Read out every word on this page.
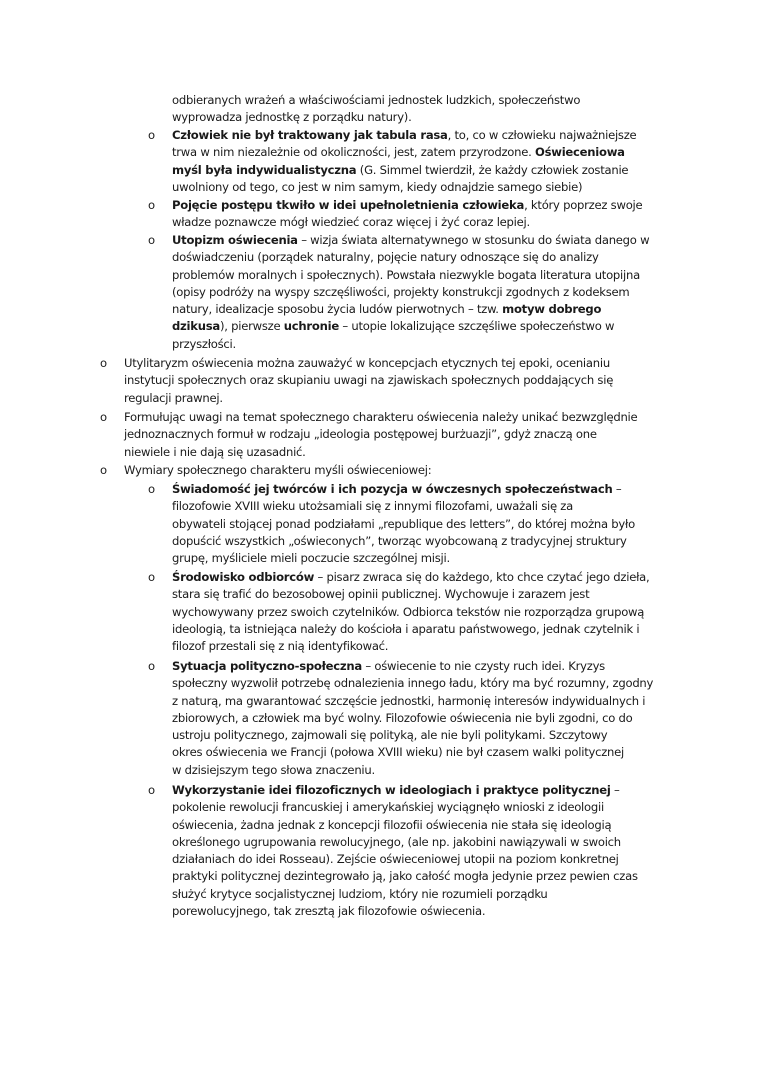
odbieranych wrażeń a właściwościami jednostek ludzkich, społeczeństwo

wyprowadza jednostkę z porządku natury).

o	Człowiek nie był traktowany jak tabula rasa, to, co w człowieku najważniejsze

trwa w nim niezależnie od okoliczności, jest, zatem przyrodzone. Oświeceniowa

myśl była indywidualistyczna (G. Simmel twierdził, że każdy człowiek zostanie

uwolniony od tego, co jest w nim samym, kiedy odnajdzie samego siebie)

o	Pojęcie postępu tkwiło w idei upełnoletnienia człowieka, który poprzez swoje

władze poznawcze mógł wiedzieć coraz więcej i żyć coraz lepiej.

o	Utopizm oświecenia – wizja świata alternatywnego w stosunku do świata danego w

doświadczeniu (porządek naturalny, pojęcie natury odnoszące się do analizy

problemów moralnych i społecznych). Powstała niezwykle bogata literatura utopijna

(opisy podróży na wyspy szczęśliwości, projekty konstrukcji zgodnych z kodeksem

natury, idealizacje sposobu życia ludów pierwotnych – tzw. motyw dobrego

dzikusa), pierwsze uchronie – utopie lokalizujące szczęśliwe społeczeństwo w

przyszłości.

o	Utylitaryzm oświecenia można zauważyć w koncepcjach etycznych tej epoki, ocenianiu

instytucji społecznych oraz skupianiu uwagi na zjawiskach społecznych poddających się

regulacji prawnej.

o	Formułując uwagi na temat społecznego charakteru oświecenia należy unikać bezwzględnie

jednoznacznych formuł w rodzaju „ideologia postępowej burżuazji”, gdyż znaczą one

niewiele i nie dają się uzasadnić.

o	Wymiary społecznego charakteru myśli oświeceniowej:

o	Świadomość jej twórców i ich pozycja w ówczesnych społeczeństwach –

filozofowie XVIII wieku utożsamiali się z innymi filozofami, uważali się za

obywateli stojącej ponad podziałami „republique des letters”, do której można było

dopuścić wszystkich „oświeconych”, tworząc wyobcowaną z tradycyjnej struktury

grupę, myśliciele mieli poczucie szczególnej misji.

o	Środowisko odbiorców – pisarz zwraca się do każdego, kto chce czytać jego dzieła,

stara się trafić do bezosobowej opinii publicznej. Wychowuje i zarazem jest

wychowywany przez swoich czytelników. Odbiorca tekstów nie rozporządza grupową

ideologią, ta istniejąca należy do kościoła i aparatu państwowego, jednak czytelnik i

filozof przestali się z nią identyfikować.

o	Sytuacja polityczno-społeczna – oświecenie to nie czysty ruch idei. Kryzys

społeczny wyzwolił potrzebę odnalezienia innego ładu, który ma być rozumny, zgodny

z naturą, ma gwarantować szczęście jednostki, harmonię interesów indywidualnych i

zbiorowych, a człowiek ma być wolny. Filozofowie oświecenia nie byli zgodni, co do

ustroju politycznego, zajmowali się polityką, ale nie byli politykami. Szczytowy

okres oświecenia we Francji (połowa XVIII wieku) nie był czasem walki politycznej

w dzisiejszym tego słowa znaczeniu.

o	Wykorzystanie idei filozoficznych w ideologiach i praktyce politycznej –

pokolenie rewolucji francuskiej i amerykańskiej wyciągnęło wnioski z ideologii

oświecenia, żadna jednak z koncepcji filozofii oświecenia nie stała się ideologią

określonego ugrupowania rewolucyjnego, (ale np. jakobini nawiązywali w swoich

działaniach do idei Rosseau). Zejście oświeceniowej utopii na poziom konkretnej

praktyki politycznej dezintegrowało ją, jako całość mogła jedynie przez pewien czas

służyć krytyce socjalistycznej ludziom, który nie rozumieli porządku

porewolucyjnego, tak zresztą jak filozofowie oświecenia.
